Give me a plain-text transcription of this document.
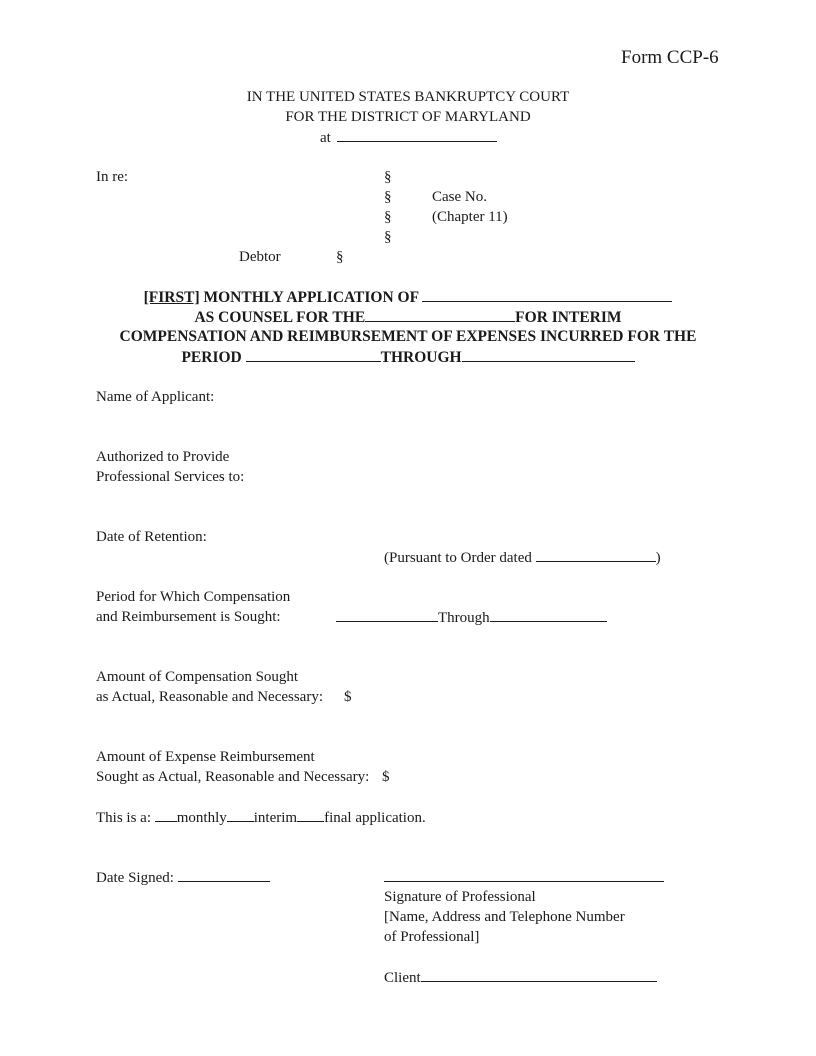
Form CCP-6
IN THE UNITED STATES BANKRUPTCY COURT
FOR THE DISTRICT OF MARYLAND
at
In re:	§
§	Case No.
§	(Chapter 11)
§
Debtor	§
[FIRST] MONTHLY APPLICATION OF
AS COUNSEL FOR THE	FOR INTERIM
COMPENSATION AND REIMBURSEMENT OF EXPENSES INCURRED FOR THE
PERIOD	THROUGH
Name of Applicant:
Authorized to Provide
Professional Services to:
Date of Retention:
(Pursuant to Order dated	)
Period for Which Compensation
and Reimbursement is Sought:	Through
Amount of Compensation Sought
as Actual, Reasonable and Necessary: $
Amount of Expense Reimbursement
Sought as Actual, Reasonable and Necessary: $
This is a: monthly interim final application.
Date Signed:
Signature of Professional
[Name, Address and Telephone Number
of Professional]
Client
